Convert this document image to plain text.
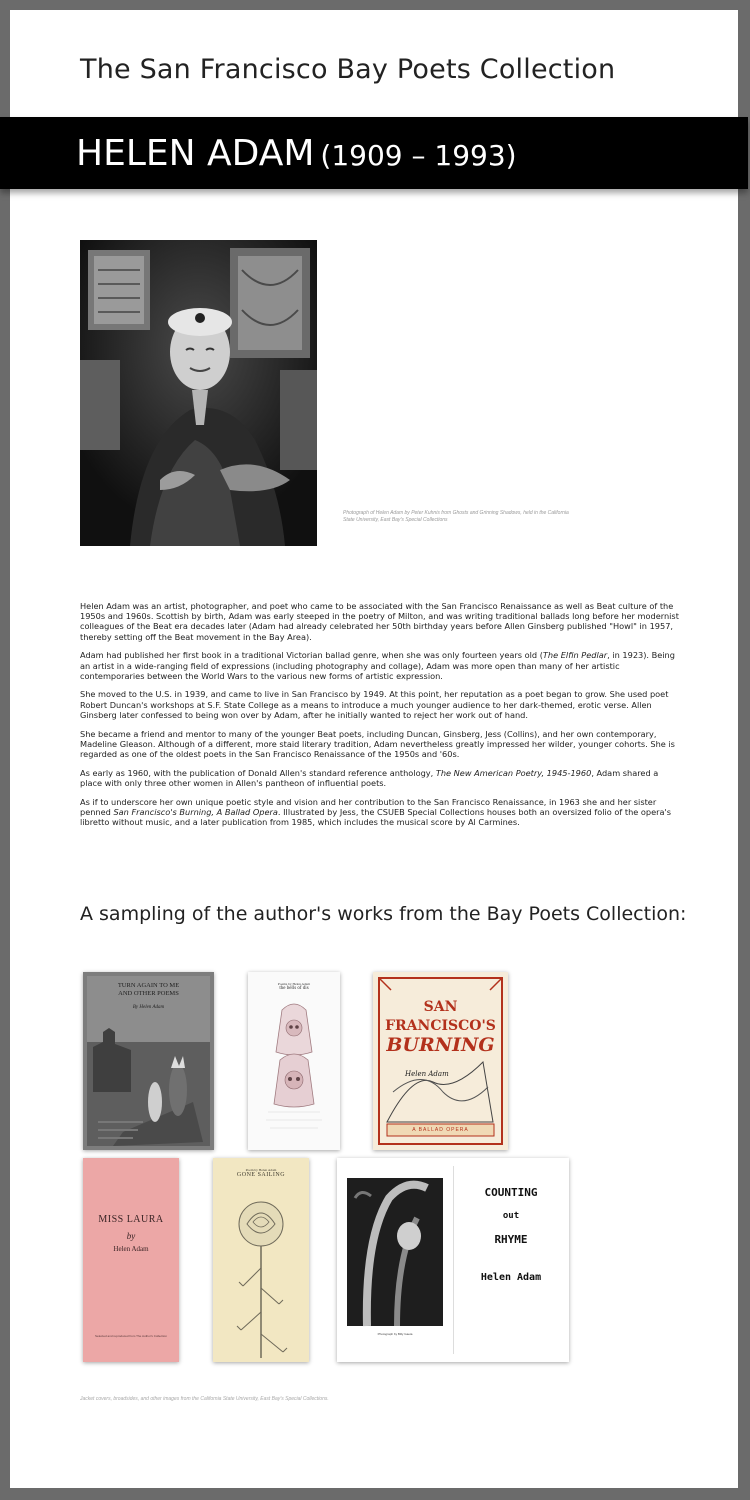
The San Francisco Bay Poets Collection
HELEN ADAM (1909 – 1993)
Photograph of Helen Adam by Peter Kuhnis from Ghosts and Grinning Shadows, held in the California State University, East Bay's Special Collections

Helen Adam was an artist, photographer, and poet who came to be associated with the San Francisco Renaissance as well as Beat culture of the 1950s and 1960s. Scottish by birth, Adam was early steeped in the poetry of Milton, and was writing traditional ballads long before her modernist colleagues of the Beat era decades later (Adam had already celebrated her 50th birthday years before Allen Ginsberg published "Howl" in 1957, thereby setting off the Beat movement in the Bay Area).

Adam had published her first book in a traditional Victorian ballad genre, when she was only fourteen years old (The Elfin Pedlar, in 1923). Being an artist in a wide-ranging field of expressions (including photography and collage), Adam was more open than many of her artistic contemporaries between the World Wars to the various new forms of artistic expression.

She moved to the U.S. in 1939, and came to live in San Francisco by 1949. At this point, her reputation as a poet began to grow. She used poet Robert Duncan's workshops at S.F. State College as a means to introduce a much younger audience to her dark-themed, erotic verse. Allen Ginsberg later confessed to being won over by Adam, after he initially wanted to reject her work out of hand.

She became a friend and mentor to many of the younger Beat poets, including Duncan, Ginsberg, Jess (Collins), and her own contemporary, Madeline Gleason. Although of a different, more staid literary tradition, Adam nevertheless greatly impressed her wilder, younger cohorts. She is regarded as one of the oldest poets in the San Francisco Renaissance of the 1950s and '60s.

As early as 1960, with the publication of Donald Allen's standard reference anthology, The New American Poetry, 1945-1960, Adam shared a place with only three other women in Allen's pantheon of influential poets.

As if to underscore her own unique poetic style and vision and her contribution to the San Francisco Renaissance, in 1963 she and her sister penned San Francisco's Burning, A Ballad Opera. Illustrated by Jess, the CSUEB Special Collections houses both an oversized folio of the opera's libretto without music, and a later publication from 1985, which includes the musical score by Al Carmines.

A sampling of the author's works from the Bay Poets Collection:
TURN AGAIN TO ME
AND OTHER POEMS
By Helen Adam
Poems by Helen Adam
the bells of dis
SAN FRANCISCO'S
BURNING
Helen Adam
A BALLAD OPERA
MISS LAURA
by
Helen Adam
Selected and reproduced from The Author's Collection
Poem by Helen Adam
GONE SAILING
Photograph by Billy Gaeta
COUNTING
out
RHYME
Helen Adam
Jacket covers, broadsides, and other images from the California State University, East Bay's Special Collections.
